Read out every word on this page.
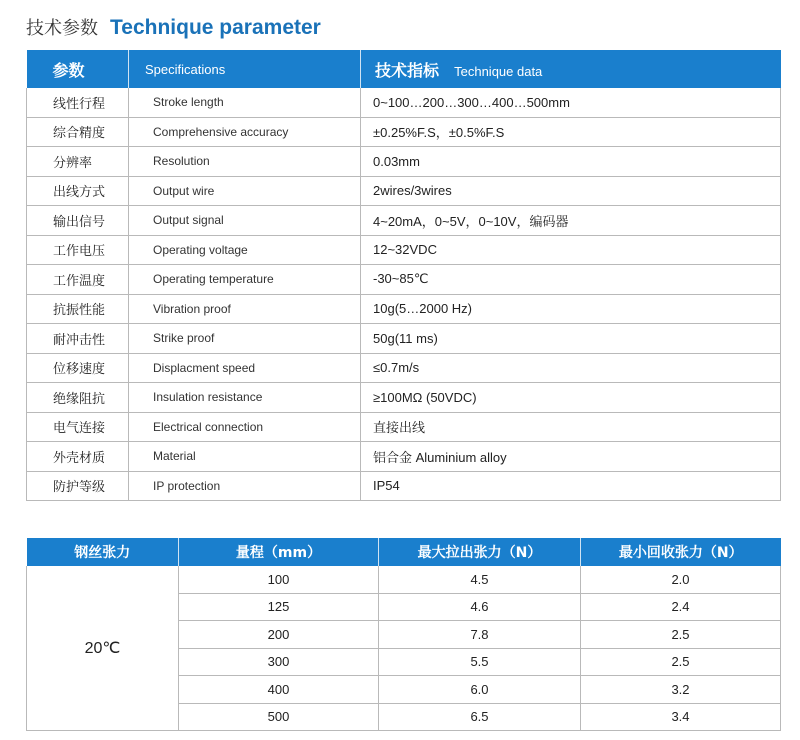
技术参数 Technique parameter
参数	Specifications	技术指标 Technique data
线性行程	Stroke length	0~100…200…300…400…500mm
综合精度	Comprehensive accuracy	±0.25%F.S，±0.5%F.S
分辨率	Resolution	0.03mm
出线方式	Output wire	2wires/3wires
输出信号	Output signal	4~20mA，0~5V，0~10V，编码器
工作电压	Operating voltage	12~32VDC
工作温度	Operating temperature	-30~85℃
抗振性能	Vibration proof	10g(5…2000 Hz)
耐冲击性	Strike proof	50g(11 ms)
位移速度	Displacment speed	≤0.7m/s
绝缘阻抗	Insulation resistance	≥100MΩ (50VDC)
电气连接	Electrical connection	直接出线
外壳材质	Material	铝合金 Aluminium alloy
防护等级	IP protection	IP54
钢丝张力	量程（mm）	最大拉出张力（N）	最小回收张力（N）
20℃	100	4.5	2.0
	125	4.6	2.4
	200	7.8	2.5
	300	5.5	2.5
	400	6.0	3.2
	500	6.5	3.4
